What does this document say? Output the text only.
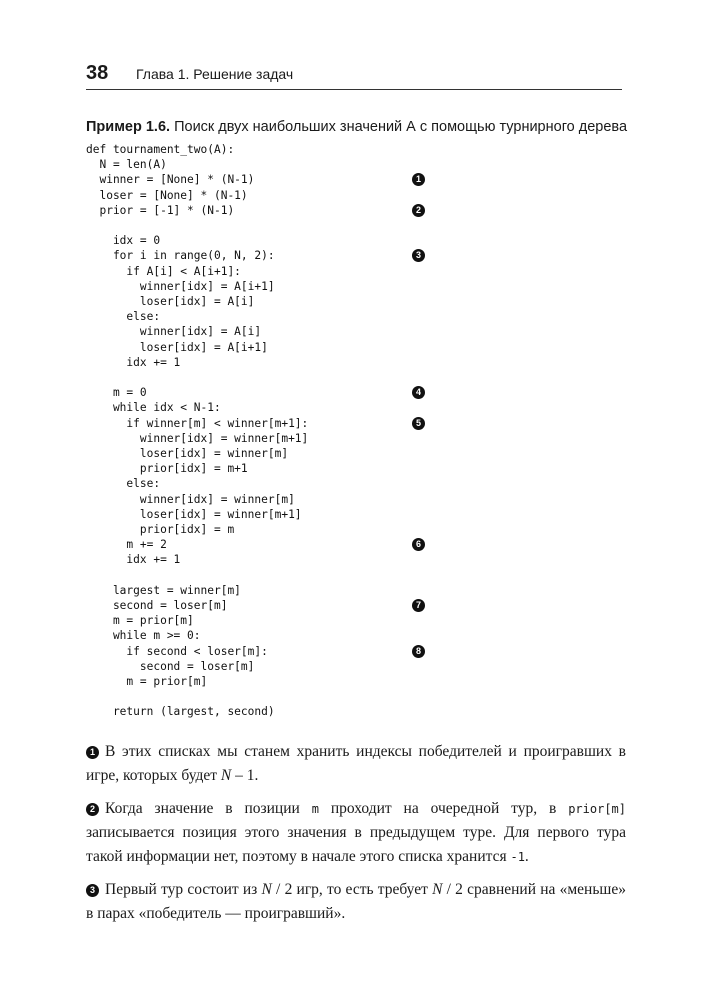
38 Глава 1. Решение задач
Пример 1.6. Поиск двух наибольших значений А с помощью турнирного дерева
def tournament_two(A):
N = len(A)
winner = [None] * (N-1)
loser = [None] * (N-1)
prior = [-1] * (N-1)
idx = 0
for i in range(0, N, 2):
if A[i] < A[i+1]:
winner[idx] = A[i+1]
loser[idx] = A[i]
else:
winner[idx] = A[i]
loser[idx] = A[i+1]
idx += 1
m = 0
while idx < N-1:
if winner[m] < winner[m+1]:
winner[idx] = winner[m+1]
loser[idx] = winner[m]
prior[idx] = m+1
else:
winner[idx] = winner[m]
loser[idx] = winner[m+1]
prior[idx] = m
m += 2
idx += 1
largest = winner[m]
second = loser[m]
m = prior[m]
while m >= 0:
if second < loser[m]:
second = loser[m]
m = prior[m]
return (largest, second)
1
2
3
4
5
6
7
8

1 В этих списках мы станем хранить индексы победителей и проигравших в игре, которых будет N – 1.

2 Когда значение в позиции m проходит на очередной тур, в prior[m] записывается позиция этого значения в предыдущем туре. Для первого тура такой информации нет, поэтому в начале этого списка хранится -1.

3 Первый тур состоит из N / 2 игр, то есть требует N / 2 сравнений на «меньше» в парах «победитель — проигравший».
